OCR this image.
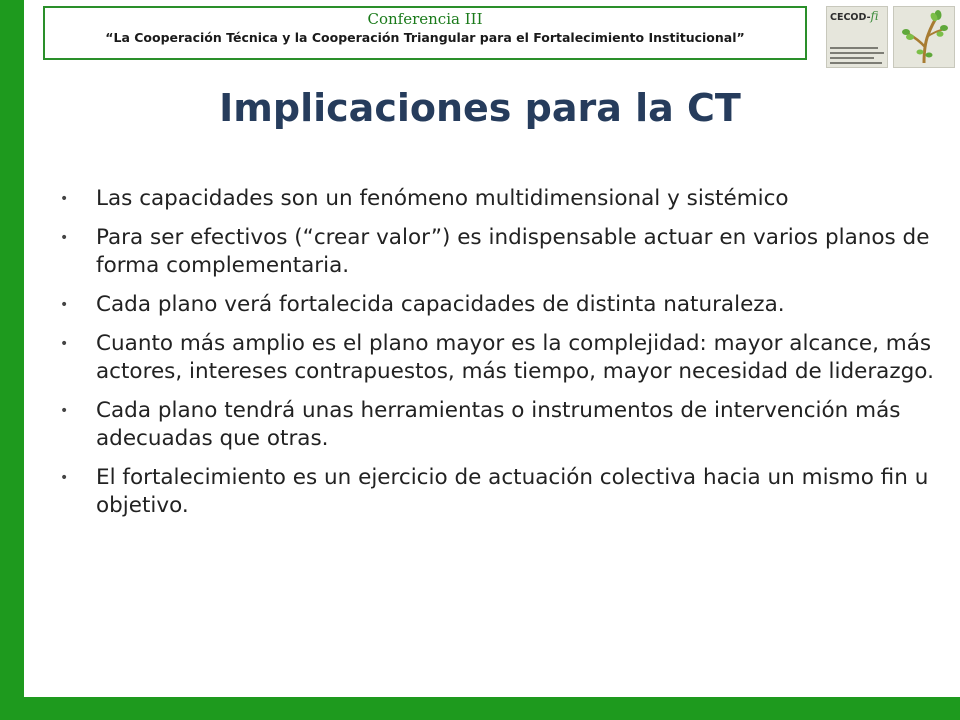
Conferencia III
“La Cooperación Técnica y la Cooperación Triangular para el Fortalecimiento Institucional”
CECOD-fi
Implicaciones para la CT
• Las capacidades son un fenómeno multidimensional y sistémico
• Para ser efectivos (“crear valor”) es indispensable actuar en varios planos de forma complementaria.
• Cada plano verá fortalecida capacidades de distinta naturaleza.
• Cuanto más amplio es el plano mayor es la complejidad: mayor alcance, más actores, intereses contrapuestos, más tiempo, mayor necesidad de liderazgo.
• Cada plano tendrá unas herramientas o instrumentos de intervención más adecuadas que otras.
• El fortalecimiento es un ejercicio de actuación colectiva hacia un mismo fin u objetivo.
